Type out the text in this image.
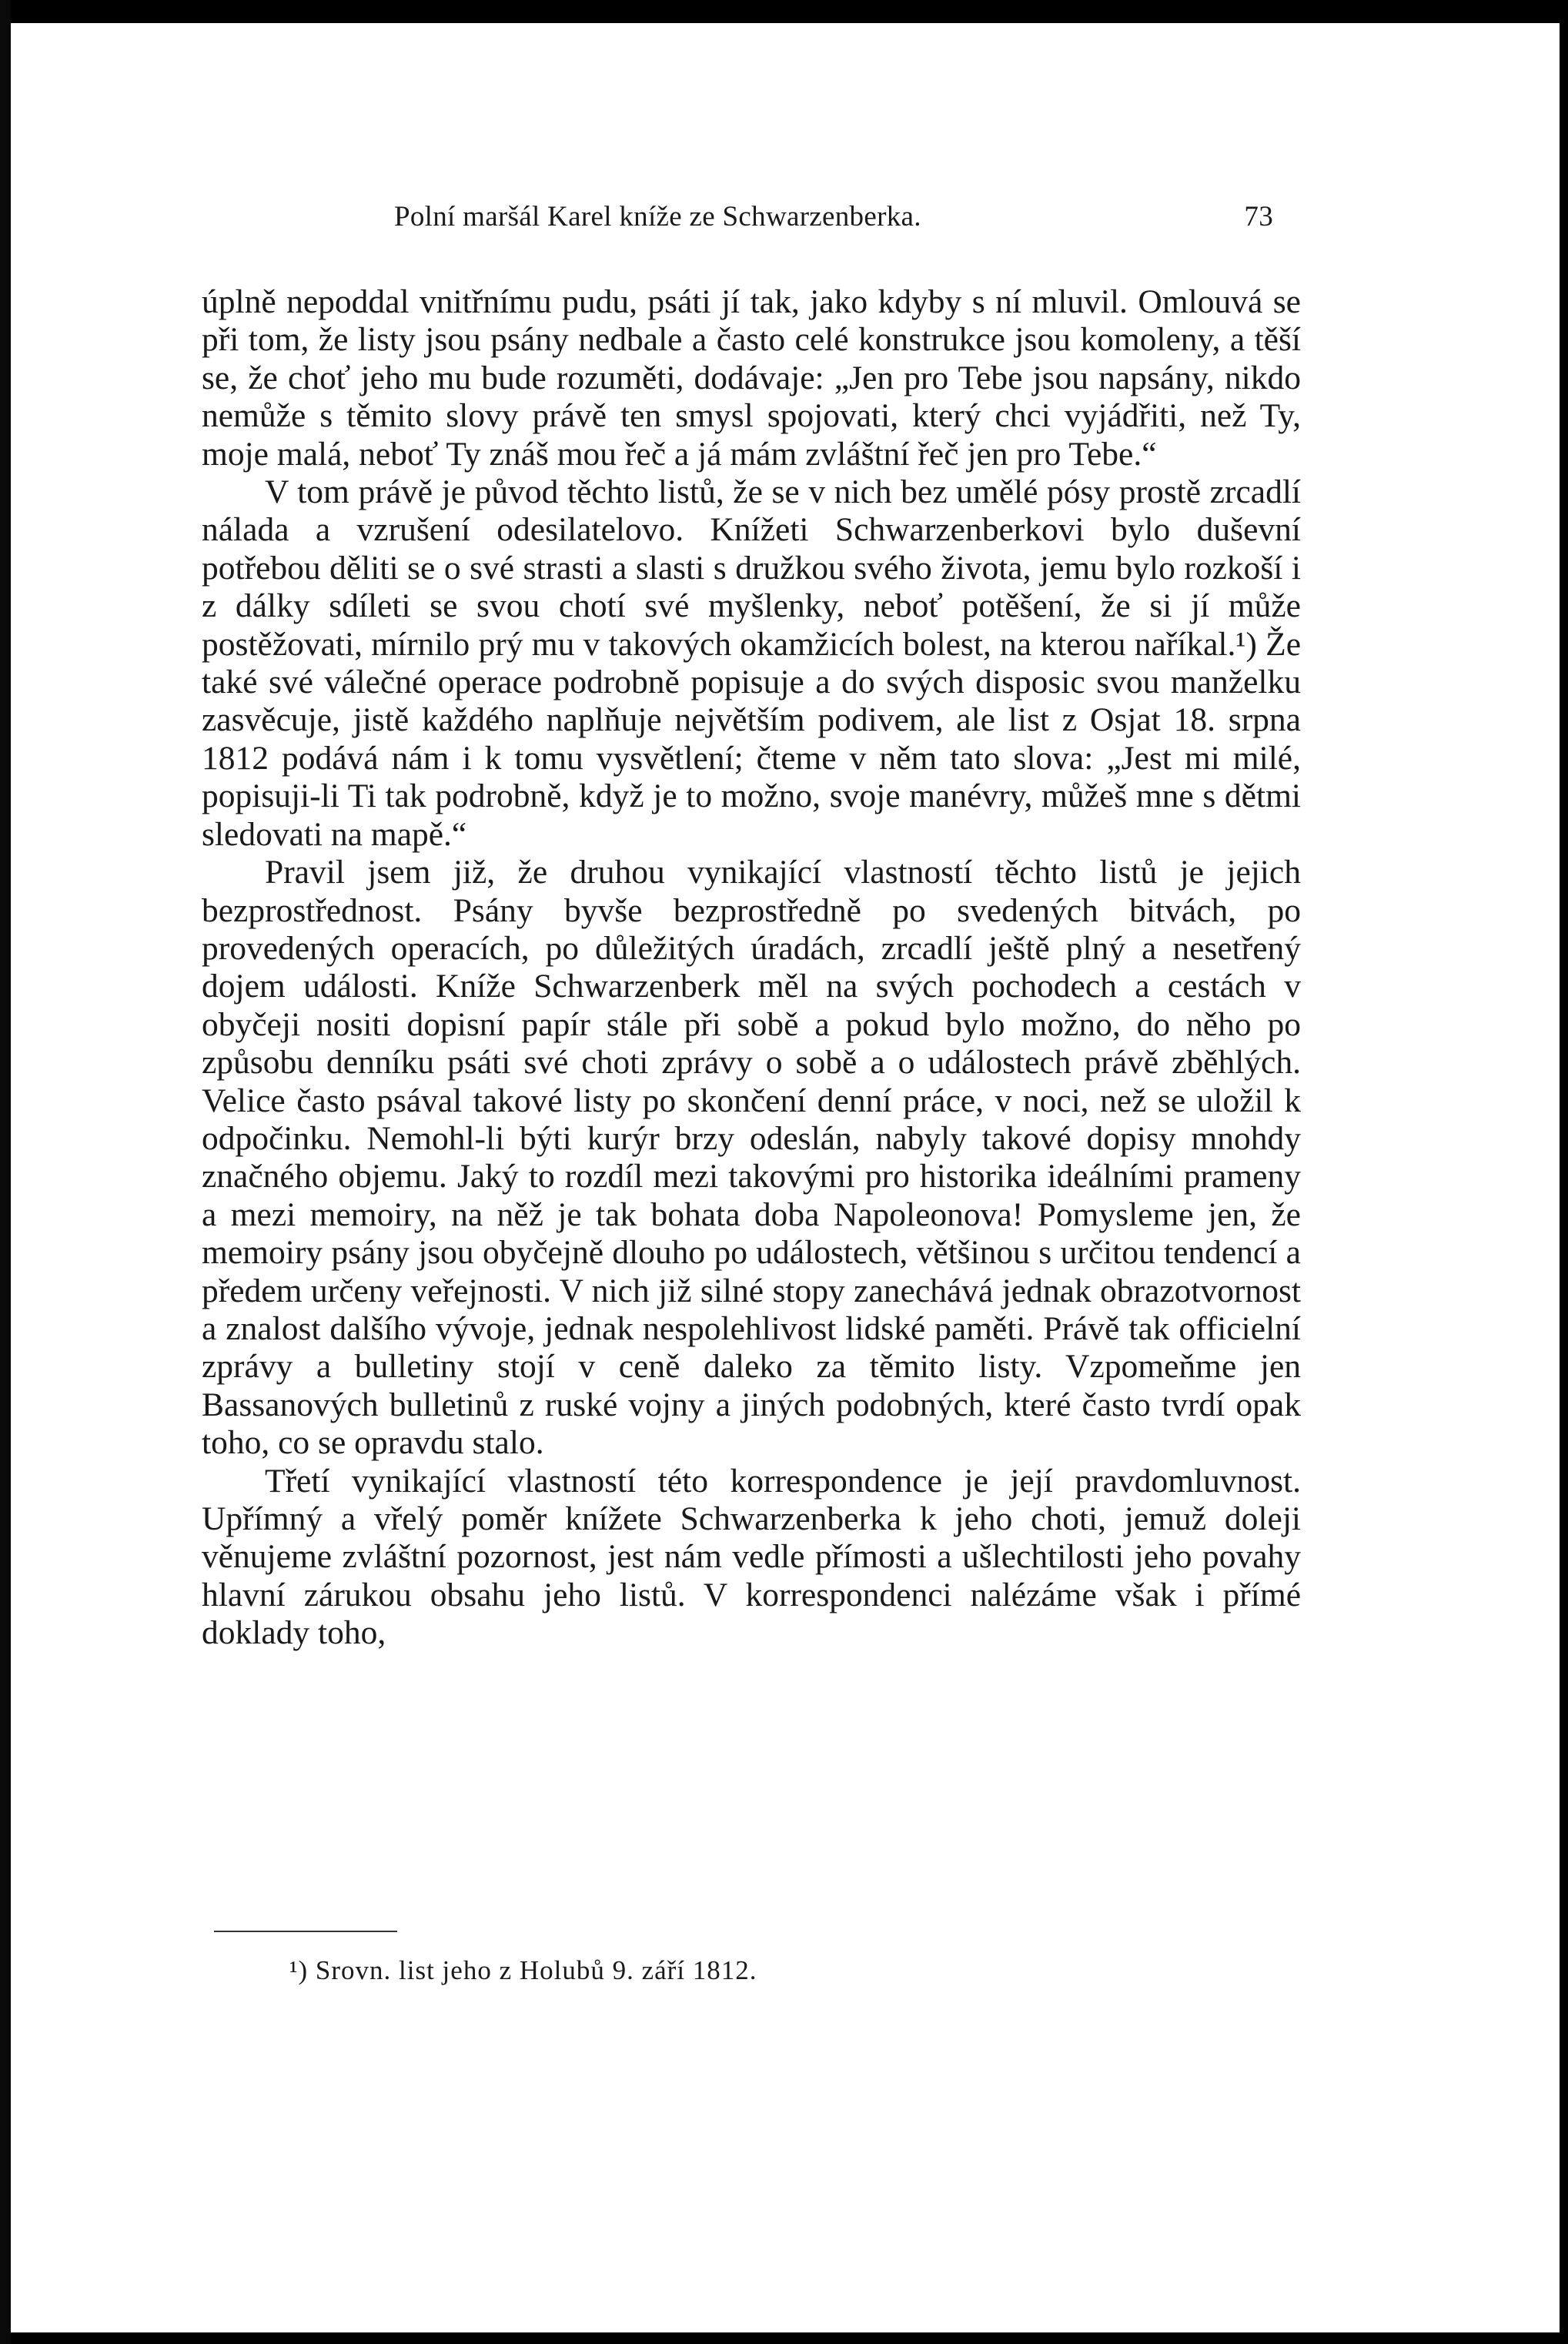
Polní maršál Karel kníže ze Schwarzenberka.	73

úplně nepoddal vnitřnímu pudu, psáti jí tak, jako kdyby s ní mluvil. Omlouvá se při tom, že listy jsou psány nedbale a často celé konstrukce jsou komoleny, a těší se, že choť jeho mu bude rozuměti, dodávaje: „Jen pro Tebe jsou napsány, nikdo nemůže s těmito slovy právě ten smysl spojovati, který chci vyjádřiti, než Ty, moje malá, neboť Ty znáš mou řeč a já mám zvláštní řeč jen pro Tebe.“

V tom právě je původ těchto listů, že se v nich bez umělé pósy prostě zrcadlí nálada a vzrušení odesilatelovo. Knížeti Schwarzenberkovi bylo duševní potřebou děliti se o své strasti a slasti s družkou svého života, jemu bylo rozkoší i z dálky sdíleti se svou chotí své myšlenky, neboť potěšení, že si jí může postěžovati, mírnilo prý mu v takových okamžicích bolest, na kterou naříkal.¹) Že také své válečné operace podrobně popisuje a do svých disposic svou manželku zasvěcuje, jistě každého naplňuje největším podivem, ale list z Osjat 18. srpna 1812 podává nám i k tomu vysvětlení; čteme v něm tato slova: „Jest mi milé, popisuji-li Ti tak podrobně, když je to možno, svoje manévry, můžeš mne s dětmi sledovati na mapě.“

Pravil jsem již, že druhou vynikající vlastností těchto listů je jejich bezprostřednost. Psány byvše bezprostředně po svedených bitvách, po provedených operacích, po důležitých úradách, zrcadlí ještě plný a nesetřený dojem události. Kníže Schwarzenberk měl na svých pochodech a cestách v obyčeji nositi dopisní papír stále při sobě a pokud bylo možno, do něho po způsobu denníku psáti své choti zprávy o sobě a o událostech právě zběhlých. Velice často psával takové listy po skončení denní práce, v noci, než se uložil k odpočinku. Nemohl-li býti kurýr brzy odeslán, nabyly takové dopisy mnohdy značného objemu. Jaký to rozdíl mezi takovými pro historika ideálními prameny a mezi memoiry, na něž je tak bohata doba Napoleonova! Pomysleme jen, že memoiry psány jsou obyčejně dlouho po událostech, většinou s určitou tendencí a předem určeny veřejnosti. V nich již silné stopy zanechává jednak obrazotvornost a znalost dalšího vývoje, jednak nespolehlivost lidské paměti. Právě tak officielní zprávy a bulletiny stojí v ceně daleko za těmito listy. Vzpomeňme jen Bassanových bulletinů z ruské vojny a jiných podobných, které často tvrdí opak toho, co se opravdu stalo.

Třetí vynikající vlastností této korrespondence je její pravdomluvnost. Upřímný a vřelý poměr knížete Schwarzenberka k jeho choti, jemuž doleji věnujeme zvláštní pozornost, jest nám vedle přímosti a ušlechtilosti jeho povahy hlavní zárukou obsahu jeho listů. V korrespondenci nalézáme však i přímé doklady toho,

¹) Srovn. list jeho z Holubů 9. září 1812.
